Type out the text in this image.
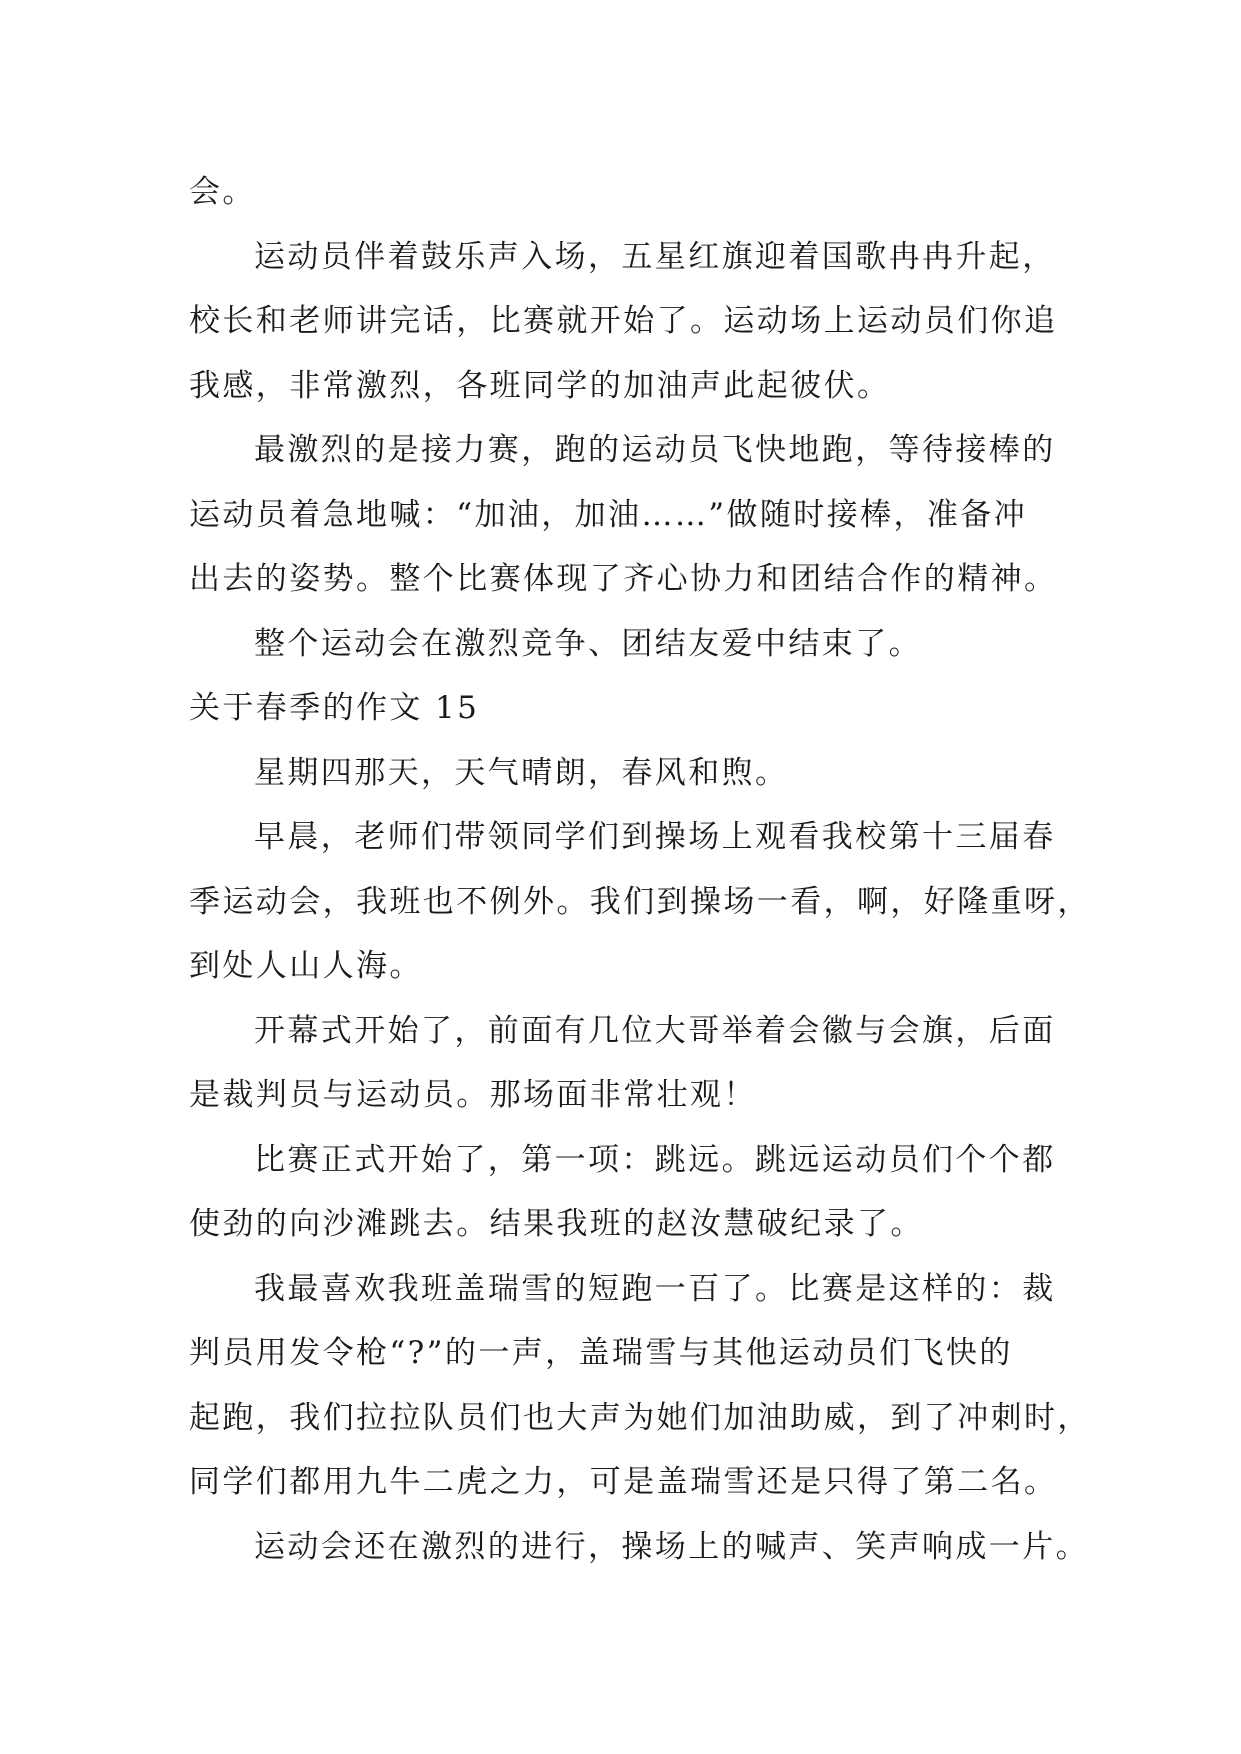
会。
运动员伴着鼓乐声入场，五星红旗迎着国歌冉冉升起，
校长和老师讲完话，比赛就开始了。运动场上运动员们你追
我感，非常激烈，各班同学的加油声此起彼伏。
最激烈的是接力赛，跑的运动员飞快地跑，等待接棒的
运动员着急地喊：“加油，加油……”做随时接棒，准备冲
出去的姿势。整个比赛体现了齐心协力和团结合作的精神。
整个运动会在激烈竞争、团结友爱中结束了。
关于春季的作文 15
星期四那天，天气晴朗，春风和煦。
早晨，老师们带领同学们到操场上观看我校第十三届春
季运动会，我班也不例外。我们到操场一看，啊，好隆重呀，
到处人山人海。
开幕式开始了，前面有几位大哥举着会徽与会旗，后面
是裁判员与运动员。那场面非常壮观！
比赛正式开始了，第一项：跳远。跳远运动员们个个都
使劲的向沙滩跳去。结果我班的赵汝慧破纪录了。
我最喜欢我班盖瑞雪的短跑一百了。比赛是这样的：裁
判员用发令枪“?”的一声，盖瑞雪与其他运动员们飞快的
起跑，我们拉拉队员们也大声为她们加油助威，到了冲刺时，
同学们都用九牛二虎之力，可是盖瑞雪还是只得了第二名。
运动会还在激烈的进行，操场上的喊声、笑声响成一片。
